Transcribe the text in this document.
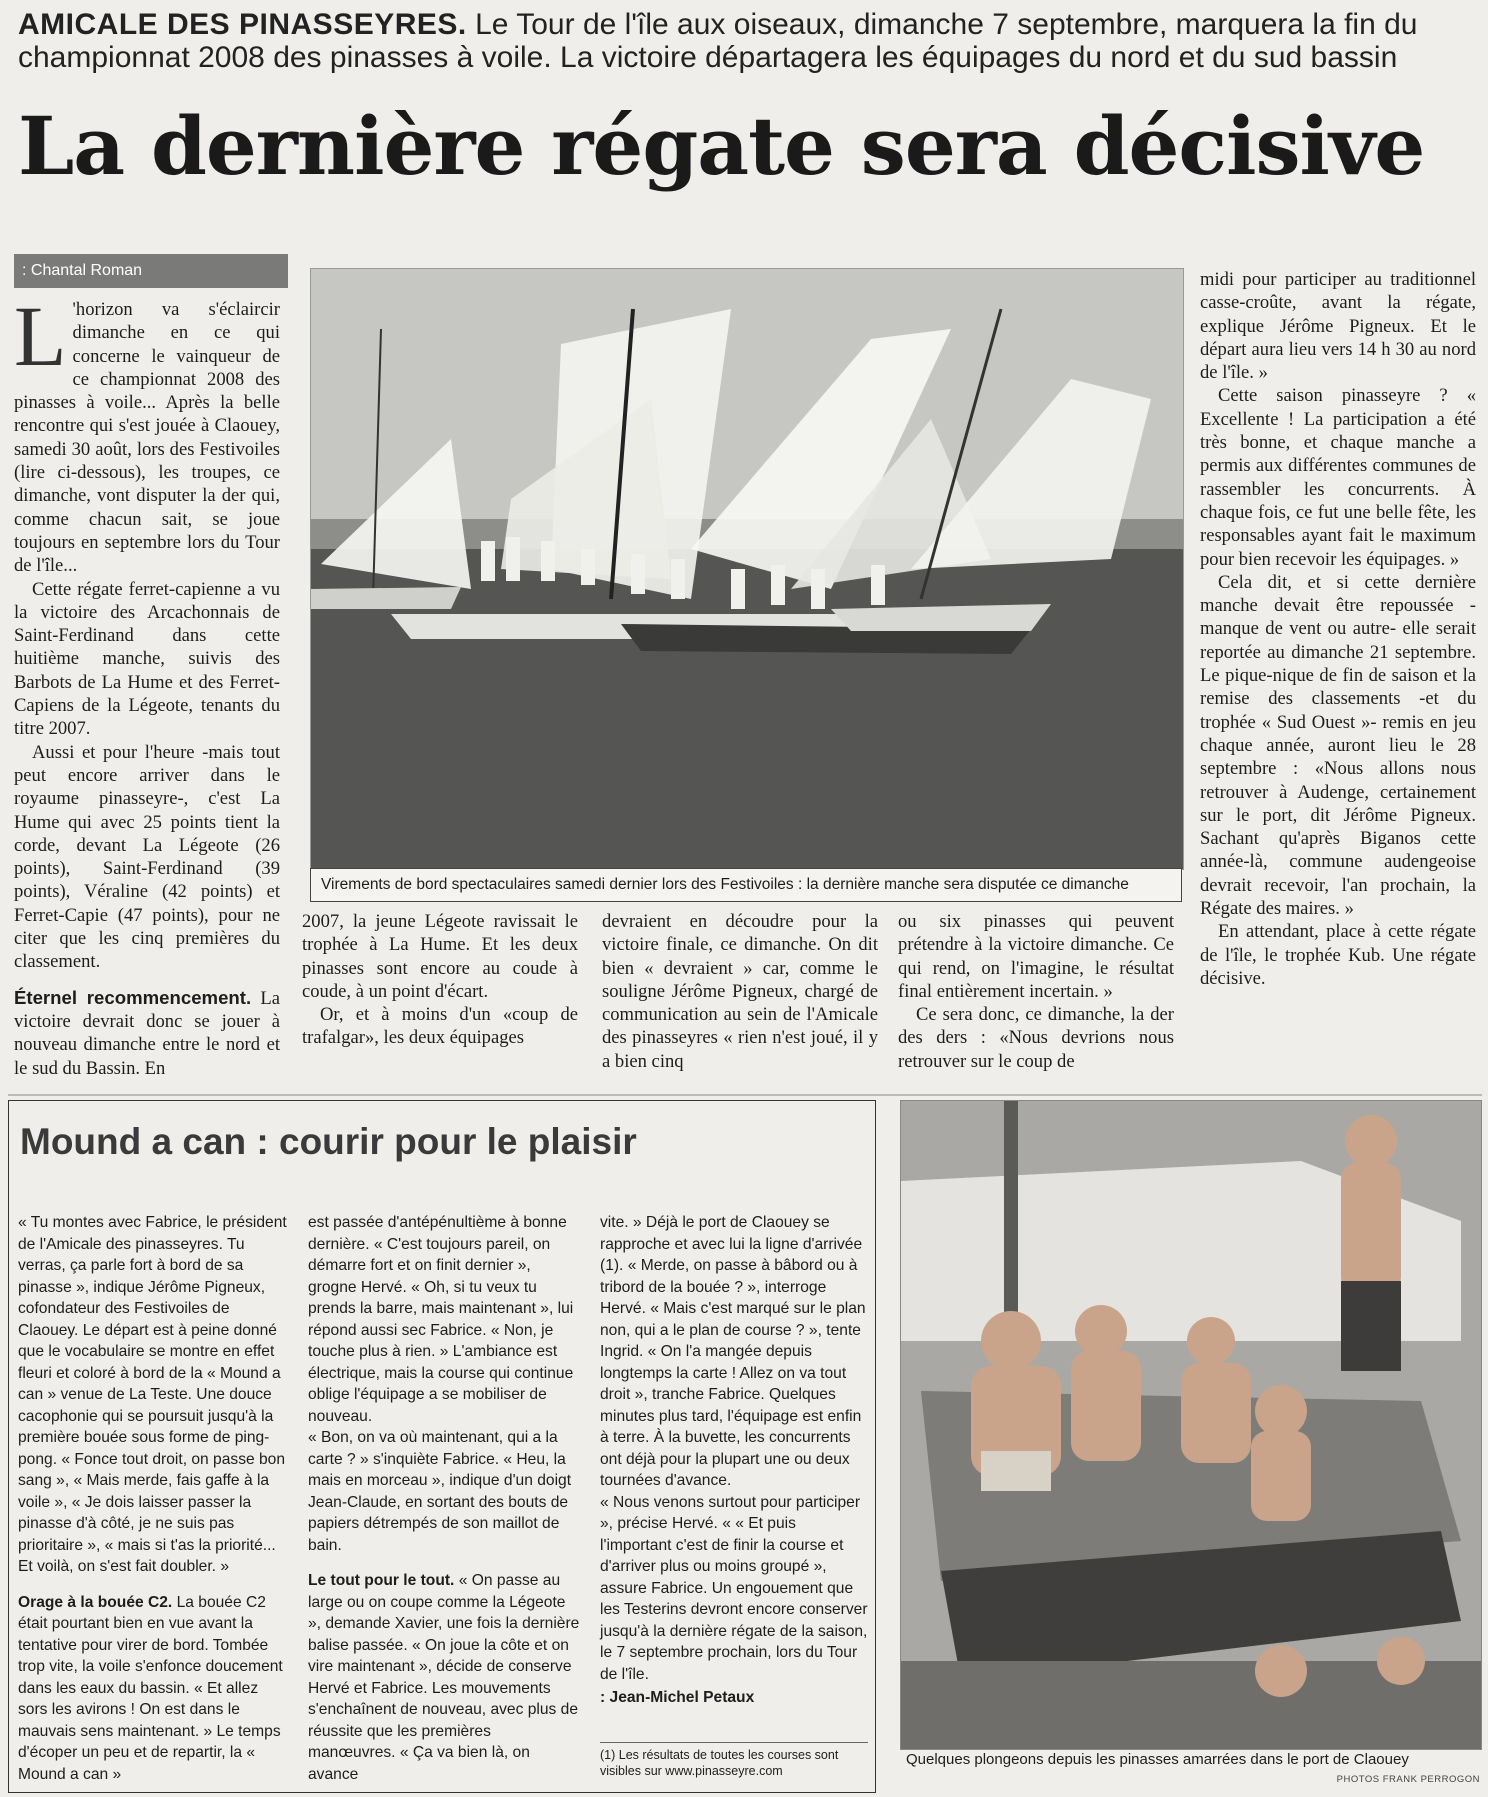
AMICALE DES PINASSEYRES. Le Tour de l'île aux oiseaux, dimanche 7 septembre, marquera la fin du championnat 2008 des pinasses à voile. La victoire départagera les équipages du nord et du sud bassin
La dernière régate sera décisive
: Chantal Roman

L 'horizon va s'éclaircir dimanche en ce qui concerne le vainqueur de ce championnat 2008 des pinasses à voile... Après la belle rencontre qui s'est jouée à Claouey, samedi 30 août, lors des Festivoiles (lire ci-dessous), les troupes, ce dimanche, vont disputer la der qui, comme chacun sait, se joue toujours en septembre lors du Tour de l'île...

Cette régate ferret-capienne a vu la victoire des Arcachonnais de Saint-Ferdinand dans cette huitième manche, suivis des Barbots de La Hume et des Ferret-Capiens de la Légeote, tenants du titre 2007.

Aussi et pour l'heure -mais tout peut encore arriver dans le royaume pinasseyre-, c'est La Hume qui avec 25 points tient la corde, devant La Légeote (26 points), Saint-Ferdinand (39 points), Véraline (42 points) et Ferret-Capie (47 points), pour ne citer que les cinq premières du classement.

Éternel recommencement. La victoire devrait donc se jouer à nouveau dimanche entre le nord et le sud du Bassin. En

Virements de bord spectaculaires samedi dernier lors des Festivoiles : la dernière manche sera disputée ce dimanche

2007, la jeune Légeote ravissait le trophée à La Hume. Et les deux pinasses sont encore au coude à coude, à un point d'écart.

Or, et à moins d'un «coup de trafalgar», les deux équipages

devraient en découdre pour la victoire finale, ce dimanche. On dit bien « devraient » car, comme le souligne Jérôme Pigneux, chargé de communication au sein de l'Amicale des pinasseyres « rien n'est joué, il y a bien cinq

ou six pinasses qui peuvent prétendre à la victoire dimanche. Ce qui rend, on l'imagine, le résultat final entièrement incertain. »

Ce sera donc, ce dimanche, la der des ders : «Nous devrions nous retrouver sur le coup de

midi pour participer au traditionnel casse-croûte, avant la régate, explique Jérôme Pigneux. Et le départ aura lieu vers 14 h 30 au nord de l'île. »

Cette saison pinasseyre ? « Excellente ! La participation a été très bonne, et chaque manche a permis aux différentes communes de rassembler les concurrents. À chaque fois, ce fut une belle fête, les responsables ayant fait le maximum pour bien recevoir les équipages. »

Cela dit, et si cette dernière manche devait être repoussée - manque de vent ou autre- elle serait reportée au dimanche 21 septembre. Le pique-nique de fin de saison et la remise des classements -et du trophée « Sud Ouest »- remis en jeu chaque année, auront lieu le 28 septembre : «Nous allons nous retrouver à Audenge, certainement sur le port, dit Jérôme Pigneux. Sachant qu'après Biganos cette année-là, commune audengeoise devrait recevoir, l'an prochain, la Régate des maires. »

En attendant, place à cette régate de l'île, le trophée Kub. Une régate décisive.

Mound a can : courir pour le plaisir

« Tu montes avec Fabrice, le président de l'Amicale des pinasseyres. Tu verras, ça parle fort à bord de sa pinasse », indique Jérôme Pigneux, cofondateur des Festivoiles de Claouey. Le départ est à peine donné que le vocabulaire se montre en effet fleuri et coloré à bord de la « Mound a can » venue de La Teste. Une douce cacophonie qui se poursuit jusqu'à la première bouée sous forme de ping-pong. « Fonce tout droit, on passe bon sang », « Mais merde, fais gaffe à la voile », « Je dois laisser passer la pinasse d'à côté, je ne suis pas prioritaire », « mais si t'as la priorité... Et voilà, on s'est fait doubler. »

Orage à la bouée C2. La bouée C2 était pourtant bien en vue avant la tentative pour virer de bord. Tombée trop vite, la voile s'enfonce doucement dans les eaux du bassin. « Et allez sors les avirons ! On est dans le mauvais sens maintenant. » Le temps d'écoper un peu et de repartir, la « Mound a can »

est passée d'antépénultième à bonne dernière. « C'est toujours pareil, on démarre fort et on finit dernier », grogne Hervé. « Oh, si tu veux tu prends la barre, mais maintenant », lui répond aussi sec Fabrice. « Non, je touche plus à rien. » L'ambiance est électrique, mais la course qui continue oblige l'équipage a se mobiliser de nouveau.

« Bon, on va où maintenant, qui a la carte ? » s'inquiète Fabrice. « Heu, la mais en morceau », indique d'un doigt Jean-Claude, en sortant des bouts de papiers détrempés de son maillot de bain.

Le tout pour le tout. « On passe au large ou on coupe comme la Légeote », demande Xavier, une fois la dernière balise passée. « On joue la côte et on vire maintenant », décide de conserve Hervé et Fabrice. Les mouvements s'enchaînent de nouveau, avec plus de réussite que les premières manœuvres. « Ça va bien là, on avance

vite. » Déjà le port de Claouey se rapproche et avec lui la ligne d'arrivée (1). « Merde, on passe à bâbord ou à tribord de la bouée ? », interroge Hervé. « Mais c'est marqué sur le plan non, qui a le plan de course ? », tente Ingrid. « On l'a mangée depuis longtemps la carte ! Allez on va tout droit », tranche Fabrice. Quelques minutes plus tard, l'équipage est enfin à terre. À la buvette, les concurrents ont déjà pour la plupart une ou deux tournées d'avance.

« Nous venons surtout pour participer », précise Hervé. « « Et puis l'important c'est de finir la course et d'arriver plus ou moins groupé », assure Fabrice. Un engouement que les Testerins devront encore conserver jusqu'à la dernière régate de la saison, le 7 septembre prochain, lors du Tour de l'île.

: Jean-Michel Petaux

(1) Les résultats de toutes les courses sont visibles sur www.pinasseyre.com
Quelques plongeons depuis les pinasses amarrées dans le port de Claouey
PHOTOS FRANK PERROGON
